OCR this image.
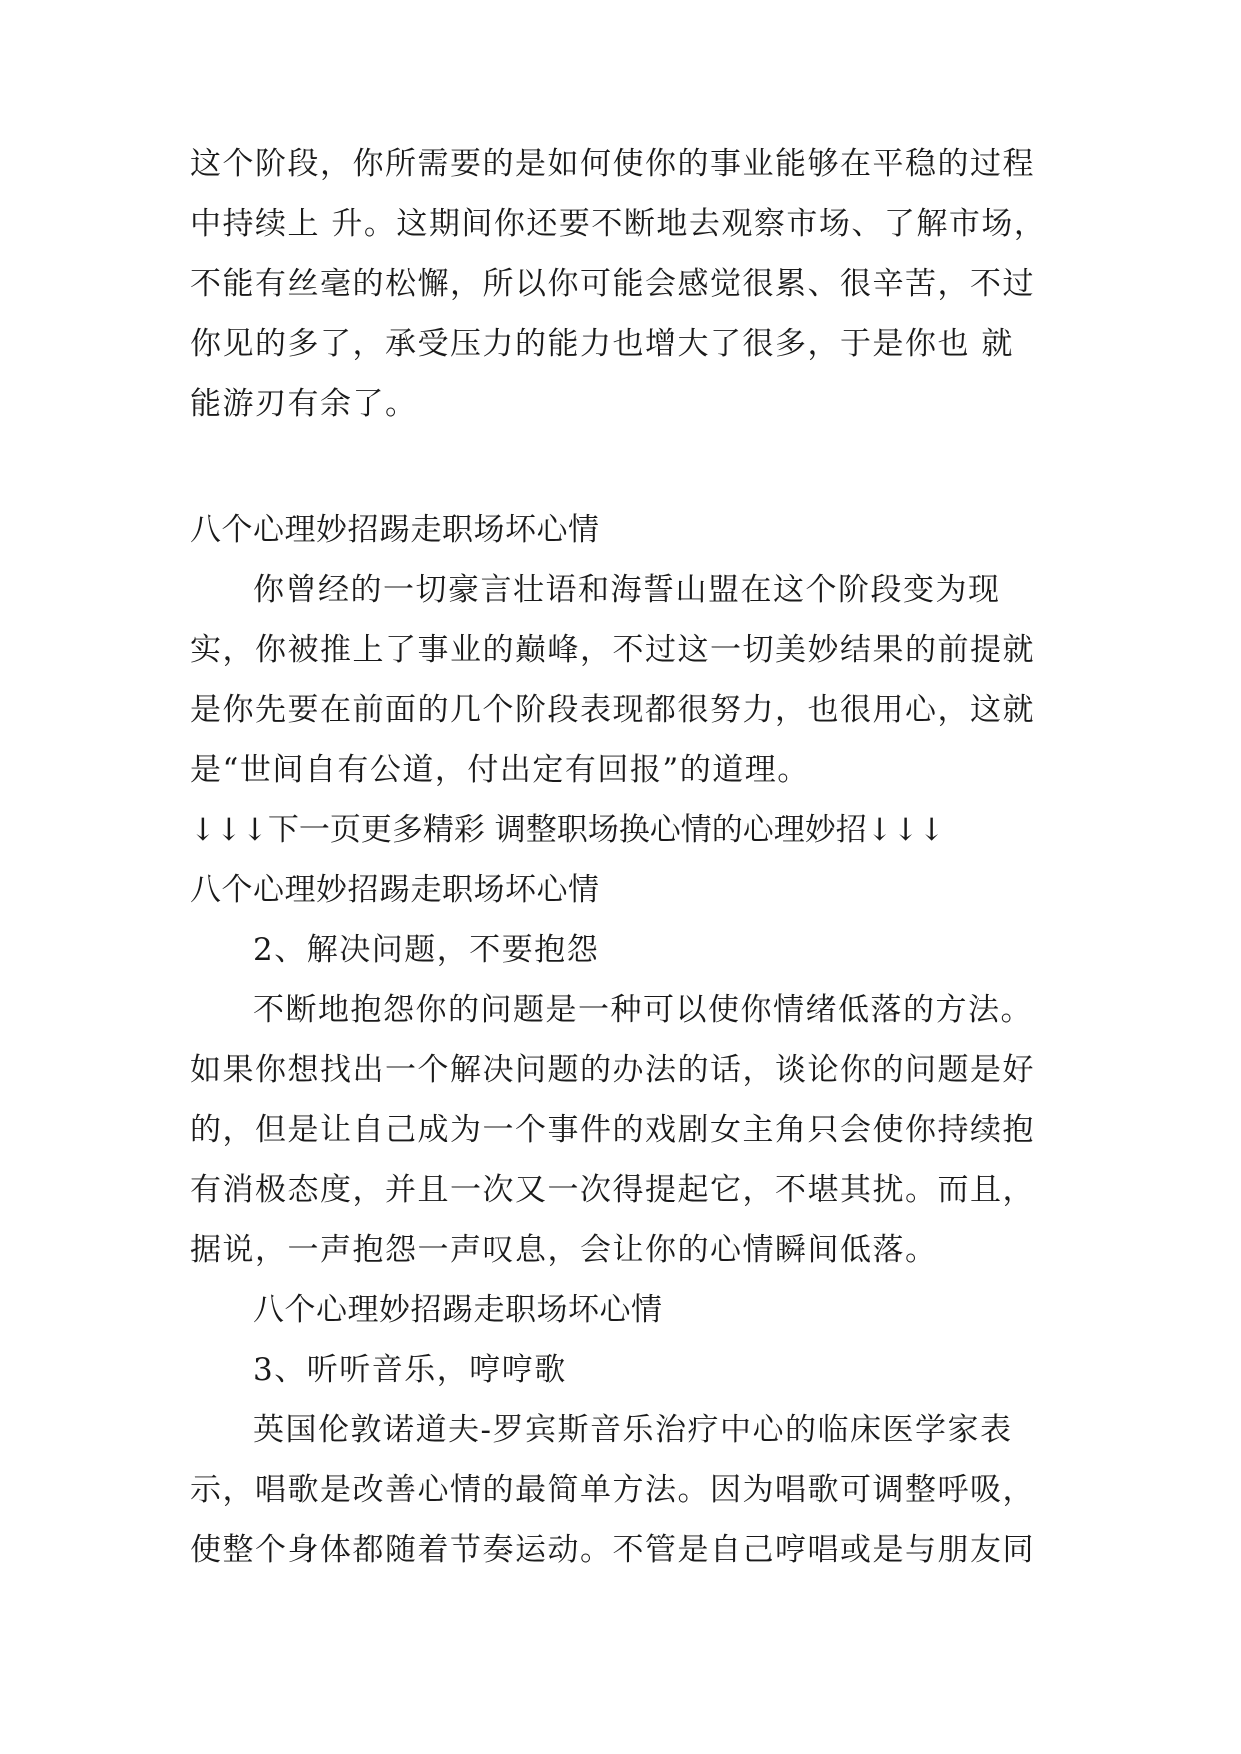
这个阶段，你所需要的是如何使你的事业能够在平稳的过程
中持续上 升。这期间你还要不断地去观察市场、了解市场，
不能有丝毫的松懈，所以你可能会感觉很累、很辛苦，不过
你见的多了，承受压力的能力也增大了很多，于是你也 就
能游刃有余了。
八个心理妙招踢走职场坏心情
你曾经的一切豪言壮语和海誓山盟在这个阶段变为现
实，你被推上了事业的巅峰，不过这一切美妙结果的前提就
是你先要在前面的几个阶段表现都很努力，也很用心，这就
是“世间自有公道，付出定有回报”的道理。
↓↓↓下一页更多精彩 调整职场换心情的心理妙招↓↓↓
八个心理妙招踢走职场坏心情
2、解决问题，不要抱怨
不断地抱怨你的问题是一种可以使你情绪低落的方法。
如果你想找出一个解决问题的办法的话，谈论你的问题是好
的，但是让自己成为一个事件的戏剧女主角只会使你持续抱
有消极态度，并且一次又一次得提起它，不堪其扰。而且，
据说，一声抱怨一声叹息，会让你的心情瞬间低落。
八个心理妙招踢走职场坏心情
3、听听音乐，哼哼歌
英国伦敦诺道夫-罗宾斯音乐治疗中心的临床医学家表
示，唱歌是改善心情的最简单方法。因为唱歌可调整呼吸，
使整个身体都随着节奏运动。不管是自己哼唱或是与朋友同
